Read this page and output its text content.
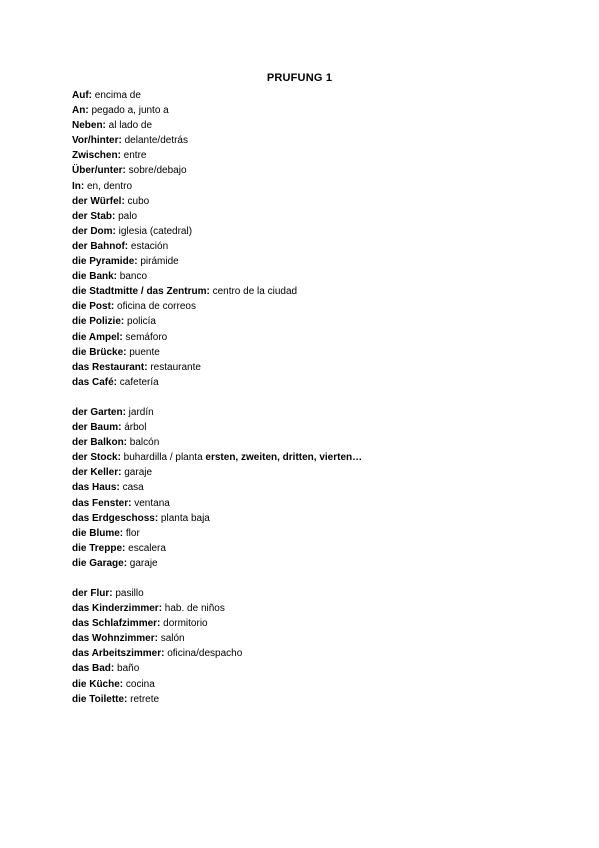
PRUFUNG 1
Auf: encima de
An: pegado a, junto a
Neben: al lado de
Vor/hinter: delante/detrás
Zwischen: entre
Über/unter: sobre/debajo
In: en, dentro
der Würfel: cubo
der Stab: palo
der Dom: iglesia (catedral)
der Bahnof: estación
die Pyramide: pirámide
die Bank: banco
die Stadtmitte / das Zentrum: centro de la ciudad
die Post: oficina de correos
die Polizie: policía
die Ampel: semáforo
die Brücke: puente
das Restaurant: restaurante
das Café: cafetería
der Garten: jardín
der Baum: árbol
der Balkon: balcón
der Stock: buhardilla / planta ersten, zweiten, dritten, vierten…
der Keller: garaje
das Haus: casa
das Fenster: ventana
das Erdgeschoss: planta baja
die Blume: flor
die Treppe: escalera
die Garage: garaje
der Flur: pasillo
das Kinderzimmer: hab. de niños
das Schlafzimmer: dormitorio
das Wohnzimmer: salón
das Arbeitszimmer: oficina/despacho
das Bad: baño
die Küche: cocina
die Toilette: retrete
